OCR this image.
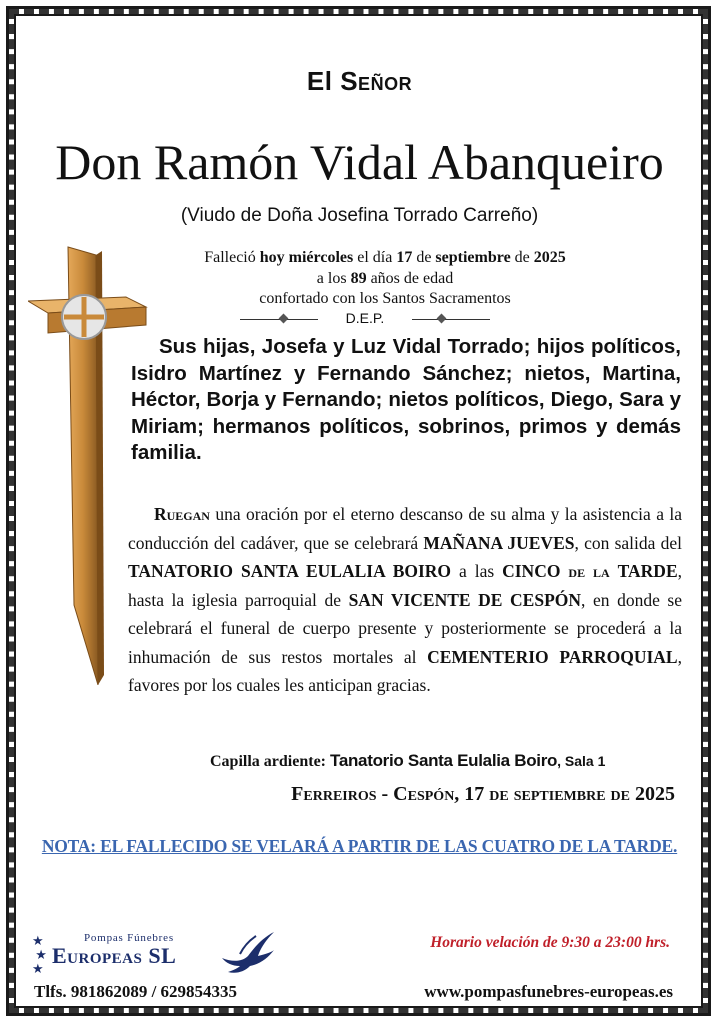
El Señor
Don Ramón Vidal Abanqueiro
(Viudo de Doña Josefina Torrado Carreño)
Falleció hoy miércoles el día 17 de septiembre de 2025
a los 89 años de edad
confortado con los Santos Sacramentos
D.E.P.
Sus hijas, Josefa y Luz Vidal Torrado; hijos políticos, Isidro Martínez y Fernando Sánchez; nietos, Martina, Héctor, Borja y Fernando; nietos políticos, Diego, Sara y Miriam; hermanos políticos, sobrinos, primos y demás familia.
Ruegan una oración por el eterno descanso de su alma y la asistencia a la conducción del cadáver, que se celebrará MAÑANA JUEVES, con salida del TANATORIO SANTA EULALIA BOIRO a las CINCO de la TARDE, hasta la iglesia parroquial de SAN VICENTE DE CESPÓN, en donde se celebrará el funeral de cuerpo presente y posteriormente se procederá a la inhumación de sus restos mortales al CEMENTERIO PARROQUIAL, favores por los cuales les anticipan gracias.
Capilla ardiente: Tanatorio Santa Eulalia Boiro, Sala 1
Ferreiros - Cespón, 17 de septiembre de 2025
NOTA: EL FALLECIDO SE VELARÁ A PARTIR DE LAS CUATRO DE LA TARDE.
★
★
★
Pompas Fúnebres
Europeas SL
Horario velación de 9:30 a 23:00 hrs.
Tlfs. 981862089 / 629854335	www.pompasfunebres-europeas.es
